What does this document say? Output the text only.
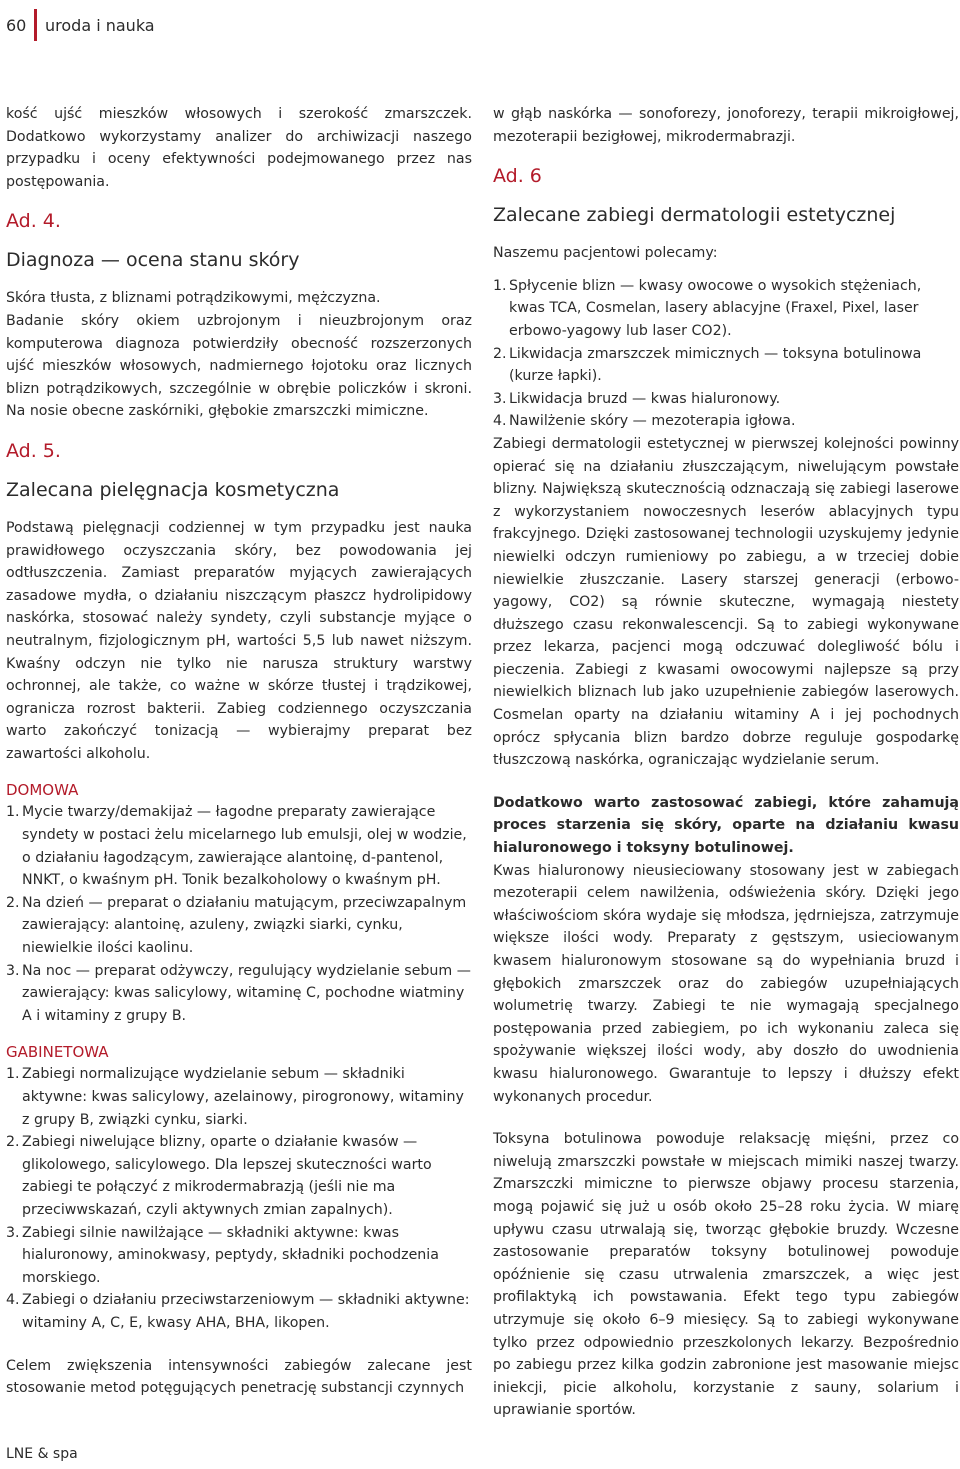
60 uroda i nauka

kość ujść mieszków włosowych i szerokość zmarszczek. Dodatkowo wykorzystamy analizer do archiwizacji naszego przypadku i oceny efektywności podejmowanego przez nas postępowania.

Ad. 4.
Diagnoza — ocena stanu skóry

Skóra tłusta, z bliznami potrądzikowymi, mężczyzna.

Badanie skóry okiem uzbrojonym i nieuzbrojonym oraz komputerowa diagnoza potwierdziły obecność rozszerzonych ujść mieszków włosowych, nadmiernego łojotoku oraz licznych blizn potrądzikowych, szczególnie w obrębie policzków i skroni. Na nosie obecne zaskórniki, głębokie zmarszczki mimiczne.

Ad. 5.
Zalecana pielęgnacja kosmetyczna

Podstawą pielęgnacji codziennej w tym przypadku jest nauka prawidłowego oczyszczania skóry, bez powodowania jej odtłuszczenia. Zamiast preparatów myjących zawierających zasadowe mydła, o działaniu niszczącym płaszcz hydrolipidowy naskórka, stosować należy syndety, czyli substancje myjące o neutralnym, fizjologicznym pH, wartości 5,5 lub nawet niższym. Kwaśny odczyn nie tylko nie narusza struktury warstwy ochronnej, ale także, co ważne w skórze tłustej i trądzikowej, ogranicza rozrost bakterii. Zabieg codziennego oczyszczania warto zakończyć tonizacją — wybierajmy preparat bez zawartości alkoholu.

DOMOWA
1. Mycie twarzy/demakijaż — łagodne preparaty zawierające syndety w postaci żelu micelarnego lub emulsji, olej w wodzie, o działaniu łagodzącym, zawierające alantoinę, d-pantenol, NNKT, o kwaśnym pH. Tonik bezalkoholowy o kwaśnym pH.
2. Na dzień — preparat o działaniu matującym, przeciwzapalnym zawierający: alantoinę, azuleny, związki siarki, cynku, niewielkie ilości kaolinu.
3. Na noc — preparat odżywczy, regulujący wydzielanie sebum — zawierający: kwas salicylowy, witaminę C, pochodne wiatminy A i witaminy z grupy B.
GABINETOWA
1. Zabiegi normalizujące wydzielanie sebum — składniki aktywne: kwas salicylowy, azelainowy, pirogronowy, witaminy z grupy B, związki cynku, siarki.
2. Zabiegi niwelujące blizny, oparte o działanie kwasów — glikolowego, salicylowego. Dla lepszej skuteczności warto zabiegi te połączyć z mikrodermabrazją (jeśli nie ma przeciwwskazań, czyli aktywnych zmian zapalnych).
3. Zabiegi silnie nawilżające — składniki aktywne: kwas hialuronowy, aminokwasy, peptydy, składniki pochodzenia morskiego.
4. Zabiegi o działaniu przeciwstarzeniowym — składniki aktywne: witaminy A, C, E, kwasy AHA, BHA, likopen.

Celem zwiększenia intensywności zabiegów zalecane jest stosowanie metod potęgujących penetrację substancji czynnych

w głąb naskórka — sonoforezy, jonoforezy, terapii mikroigłowej, mezoterapii bezigłowej, mikrodermabrazji.

Ad. 6
Zalecane zabiegi dermatologii estetycznej

Naszemu pacjentowi polecamy:

1. Spłycenie blizn — kwasy owocowe o wysokich stężeniach, kwas TCA, Cosmelan, lasery ablacyjne (Fraxel, Pixel, laser erbowo-yagowy lub laser CO2).
2. Likwidacja zmarszczek mimicznych — toksyna botulinowa (kurze łapki).
3. Likwidacja bruzd — kwas hialuronowy.
4. Nawilżenie skóry — mezoterapia igłowa.

Zabiegi dermatologii estetycznej w pierwszej kolejności powinny opierać się na działaniu złuszczającym, niwelującym powstałe blizny. Największą skutecznością odznaczają się zabiegi laserowe z wykorzystaniem nowoczesnych leserów ablacyjnych typu frakcyjnego. Dzięki zastosowanej technologii uzyskujemy jedynie niewielki odczyn rumieniowy po zabiegu, a w trzeciej dobie niewielkie złuszczanie. Lasery starszej generacji (erbowo-yagowy, CO2) są równie skuteczne, wymagają niestety dłuższego czasu rekonwalescencji. Są to zabiegi wykonywane przez lekarza, pacjenci mogą odczuwać dolegliwość bólu i pieczenia. Zabiegi z kwasami owocowymi najlepsze są przy niewielkich bliznach lub jako uzupełnienie zabiegów laserowych. Cosmelan oparty na działaniu witaminy A i jej pochodnych oprócz spłycania blizn bardzo dobrze reguluje gospodarkę tłuszczową naskórka, ograniczając wydzielanie serum.

Dodatkowo warto zastosować zabiegi, które zahamują proces starzenia się skóry, oparte na działaniu kwasu hialuronowego i toksyny botulinowej.

Kwas hialuronowy nieusieciowany stosowany jest w zabiegach mezoterapii celem nawilżenia, odświeżenia skóry. Dzięki jego właściwościom skóra wydaje się młodsza, jędrniejsza, zatrzymuje większe ilości wody. Preparaty z gęstszym, usieciowanym kwasem hialuronowym stosowane są do wypełniania bruzd i głębokich zmarszczek oraz do zabiegów uzupełniających wolumetrię twarzy. Zabiegi te nie wymagają specjalnego postępowania przed zabiegiem, po ich wykonaniu zaleca się spożywanie większej ilości wody, aby doszło do uwodnienia kwasu hialuronowego. Gwarantuje to lepszy i dłuższy efekt wykonanych procedur.

Toksyna botulinowa powoduje relaksację mięśni, przez co niwelują zmarszczki powstałe w miejscach mimiki naszej twarzy. Zmarszczki mimiczne to pierwsze objawy procesu starzenia, mogą pojawić się już u osób około 25–28 roku życia. W miarę upływu czasu utrwalają się, tworząc głębokie bruzdy. Wczesne zastosowanie preparatów toksyny botulinowej powoduje opóźnienie się czasu utrwalenia zmarszczek, a więc jest profilaktyką ich powstawania. Efekt tego typu zabiegów utrzymuje się około 6–9 miesięcy. Są to zabiegi wykonywane tylko przez odpowiednio przeszkolonych lekarzy. Bezpośrednio po zabiegu przez kilka godzin zabronione jest masowanie miejsc iniekcji, picie alkoholu, korzystanie z sauny, solarium i uprawianie sportów.

LNE & spa
